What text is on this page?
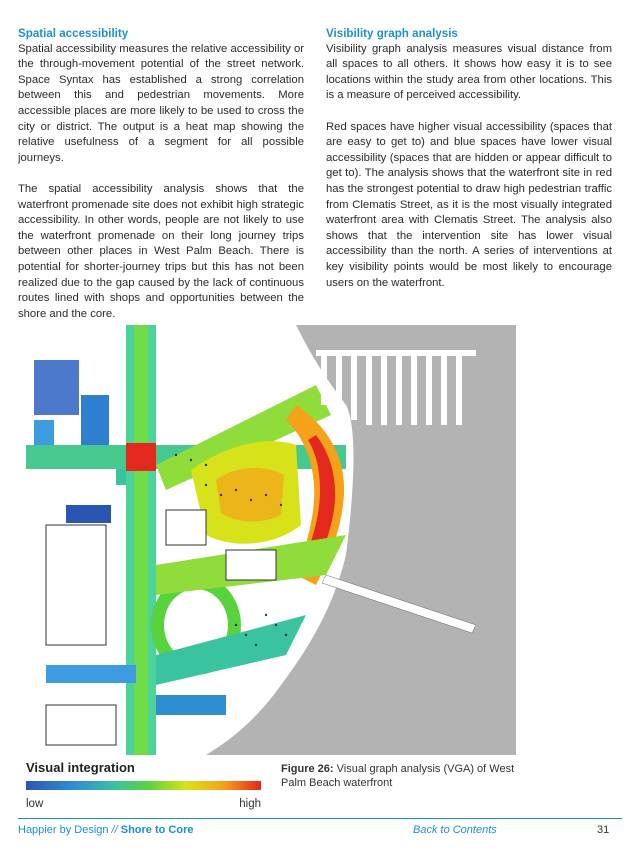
Spatial accessibility

Spatial accessibility measures the relative accessibility or the through-movement potential of the street network. Space Syntax has established a strong correlation between this and pedestrian movements. More accessible places are more likely to be used to cross the city or district. The output is a heat map showing the relative usefulness of a segment for all possible journeys.

The spatial accessibility analysis shows that the waterfront promenade site does not exhibit high strategic accessibility. In other words, people are not likely to use the waterfront promenade on their long journey trips between other places in West Palm Beach. There is potential for shorter-journey trips but this has not been realized due to the gap caused by the lack of continuous routes lined with shops and opportunities between the shore and the core.

Visibility graph analysis

Visibility graph analysis measures visual distance from all spaces to all others. It shows how easy it is to see locations within the study area from other locations. This is a measure of perceived accessibility.

Red spaces have higher visual accessibility (spaces that are easy to get to) and blue spaces have lower visual accessibility (spaces that are hidden or appear difficult to get to). The analysis shows that the waterfront site in red has the strongest potential to draw high pedestrian traffic from Clematis Street, as it is the most visually integrated waterfront area with Clematis Street. The analysis also shows that the intervention site has lower visual accessibility than the north. A series of interventions at key visibility points would be most likely to encourage users on the waterfront.

Visual integration
low	high
Figure 26: Visual graph analysis (VGA) of West Palm Beach waterfront
Happier by Design // Shore to Core	Back to Contents	31
